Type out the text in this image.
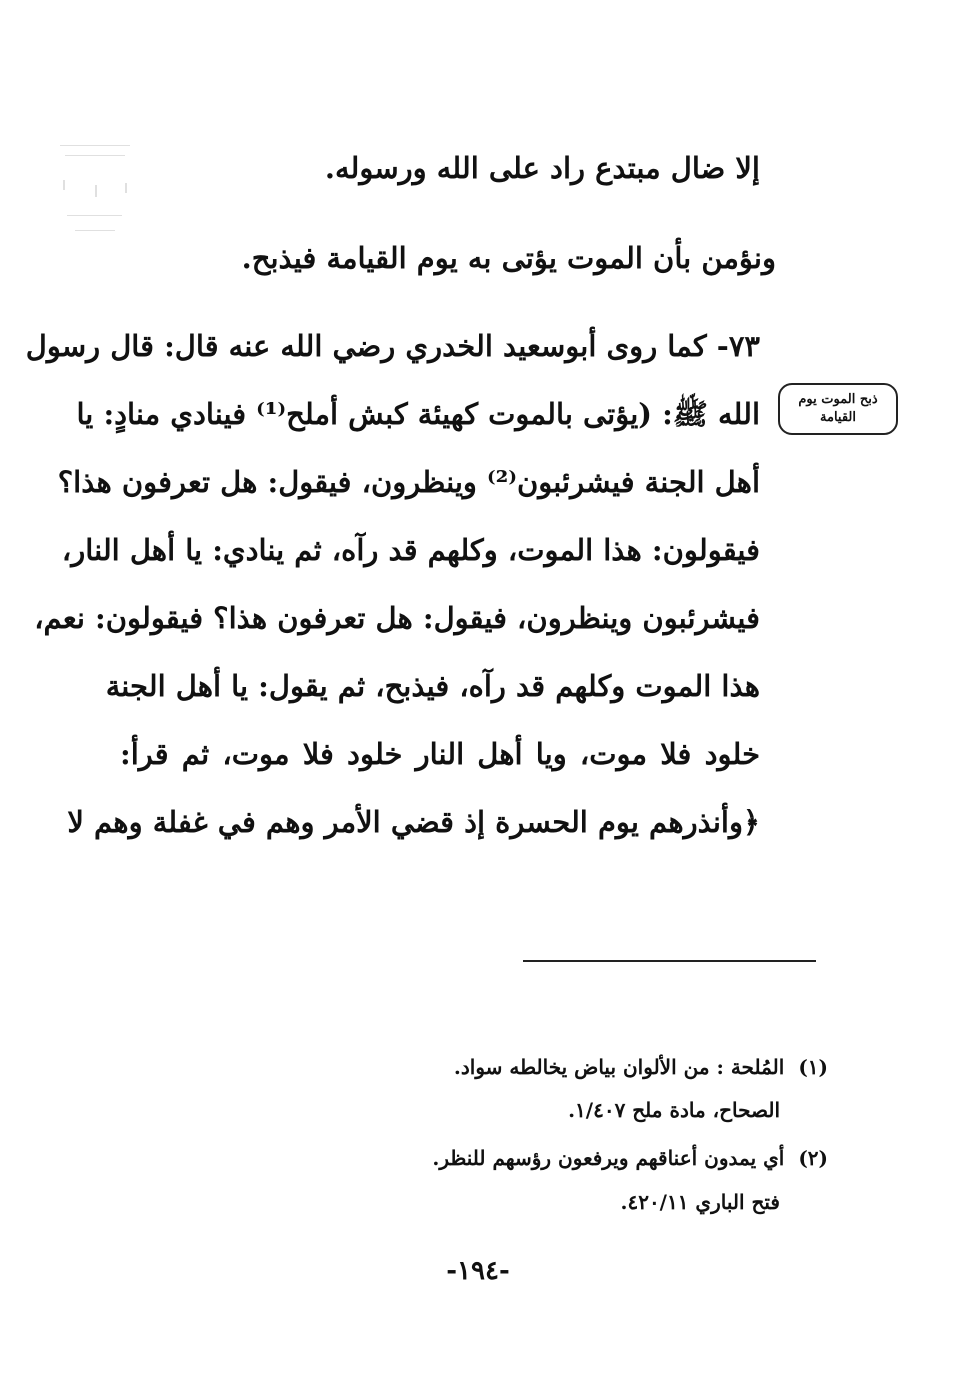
إلا ضال مبتدع راد على الله ورسوله.
ونؤمن بأن الموت يؤتى به يوم القيامة فيذبح.
٧٣- كما روى أبوسعيد الخدري رضي الله عنه قال: قال رسول
الله ﷺ: (يؤتى بالموت كهيئة كبش أملح⁽¹⁾ فينادي منادٍ: يا
أهل الجنة فيشرئبون⁽²⁾ وينظرون، فيقول: هل تعرفون هذا؟
فيقولون: هذا الموت، وكلهم قد رآه، ثم ينادي: يا أهل النار،
فيشرئبون وينظرون، فيقول: هل تعرفون هذا؟ فيقولون: نعم،
هذا الموت وكلهم قد رآه، فيذبح، ثم يقول: يا أهل الجنة
خلود فلا موت، ويا أهل النار خلود فلا موت، ثم قرأ:
﴿وأنذرهم يوم الحسرة إذ قضي الأمر وهم في غفلة وهم لا
ذبح الموت يوم
القيامة
(١)المُلحة : من الألوان بياض يخالطه سواد.
الصحاح، مادة ملح ١/٤٠٧.
(٢)أي يمدون أعناقهم ويرفعون رؤسهم للنظر.
فتح الباري ٤٢٠/١١.
-١٩٤-
